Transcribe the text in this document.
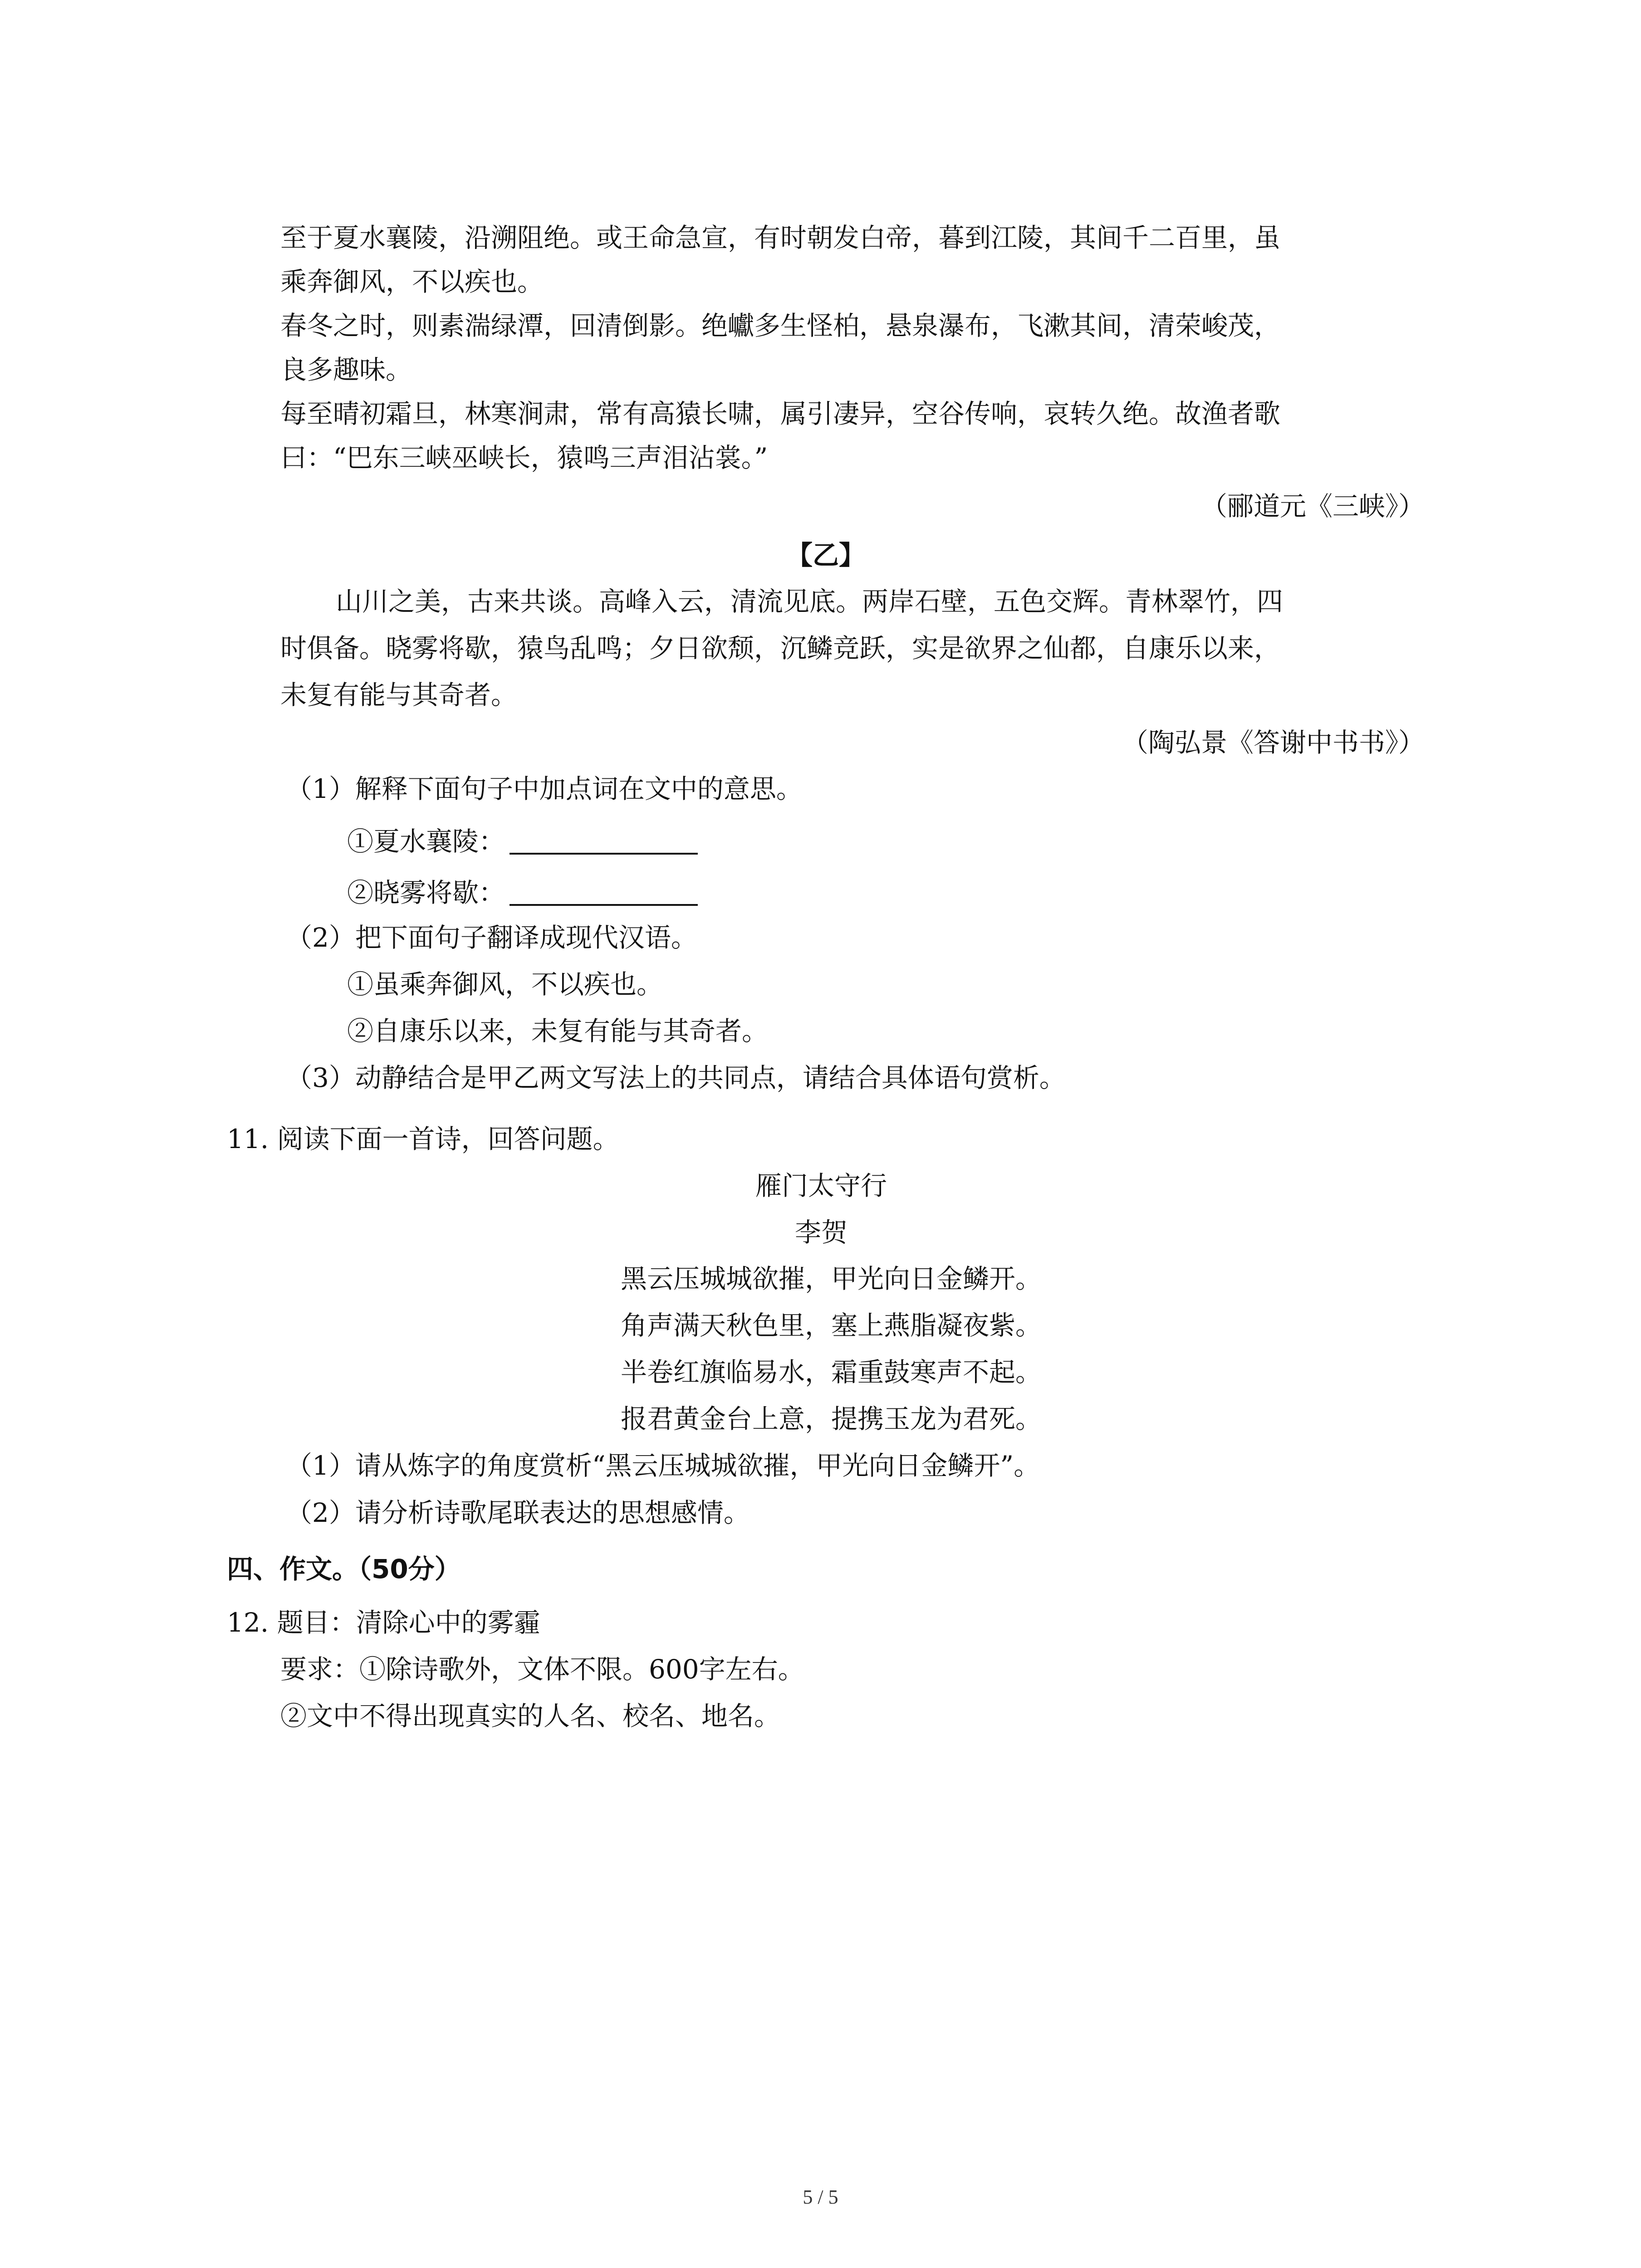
至于夏水襄陵，沿溯阻绝。或王命急宣，有时朝发白帝，暮到江陵，其间千二百里，虽
乘奔御风，不以疾也。
春冬之时，则素湍绿潭，回清倒影。绝巘多生怪柏，悬泉瀑布，飞漱其间，清荣峻茂，
良多趣味。
每至晴初霜旦，林寒涧肃，常有高猿长啸，属引凄异，空谷传响，哀转久绝。故渔者歌
曰：“巴东三峡巫峡长，猿鸣三声泪沾裳。”
（郦道元《三峡》）
【乙】
山川之美，古来共谈。高峰入云，清流见底。两岸石壁，五色交辉。青林翠竹，四
时俱备。晓雾将歇，猿鸟乱鸣；夕日欲颓，沉鳞竞跃，实是欲界之仙都，自康乐以来，
未复有能与其奇者。
（陶弘景《答谢中书书》）
（1）解释下面句子中加点词在文中的意思。
①夏水襄陵：
②晓雾将歇：
（2）把下面句子翻译成现代汉语。
①虽乘奔御风，不以疾也。
②自康乐以来，未复有能与其奇者。
（3）动静结合是甲乙两文写法上的共同点，请结合具体语句赏析。
11. 阅读下面一首诗，回答问题。
雁门太守行
李贺
黑云压城城欲摧，甲光向日金鳞开。
角声满天秋色里，塞上燕脂凝夜紫。
半卷红旗临易水，霜重鼓寒声不起。
报君黄金台上意，提携玉龙为君死。
（1）请从炼字的角度赏析“黑云压城城欲摧，甲光向日金鳞开”。
（2）请分析诗歌尾联表达的思想感情。
四、作文。（50分）
12. 题目：清除心中的雾霾
要求：①除诗歌外，文体不限。600字左右。
②文中不得出现真实的人名、校名、地名。
5 / 5
